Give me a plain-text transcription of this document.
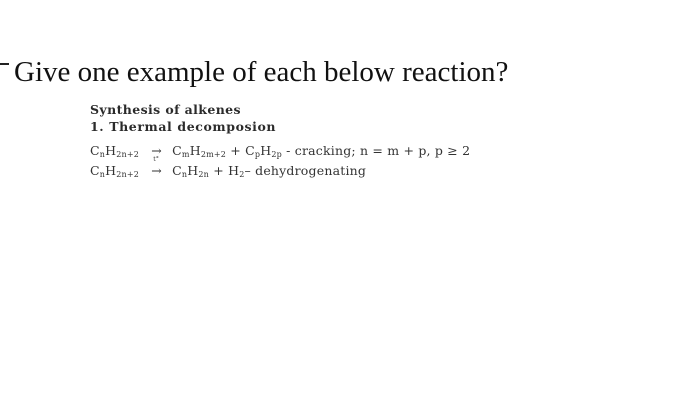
Give one example of each below reaction?
Synthesis of alkenes
1. Thermal decomposion
$C_nH_{2n+2} \to C_mH_{2m+2} + C_pH_{2p}$ - cracking; n = m + p, p ≥ 2
$C_nH_{2n+2}$
t°
→ $C_nH_{2n} + H_2-$ dehydrogenating
